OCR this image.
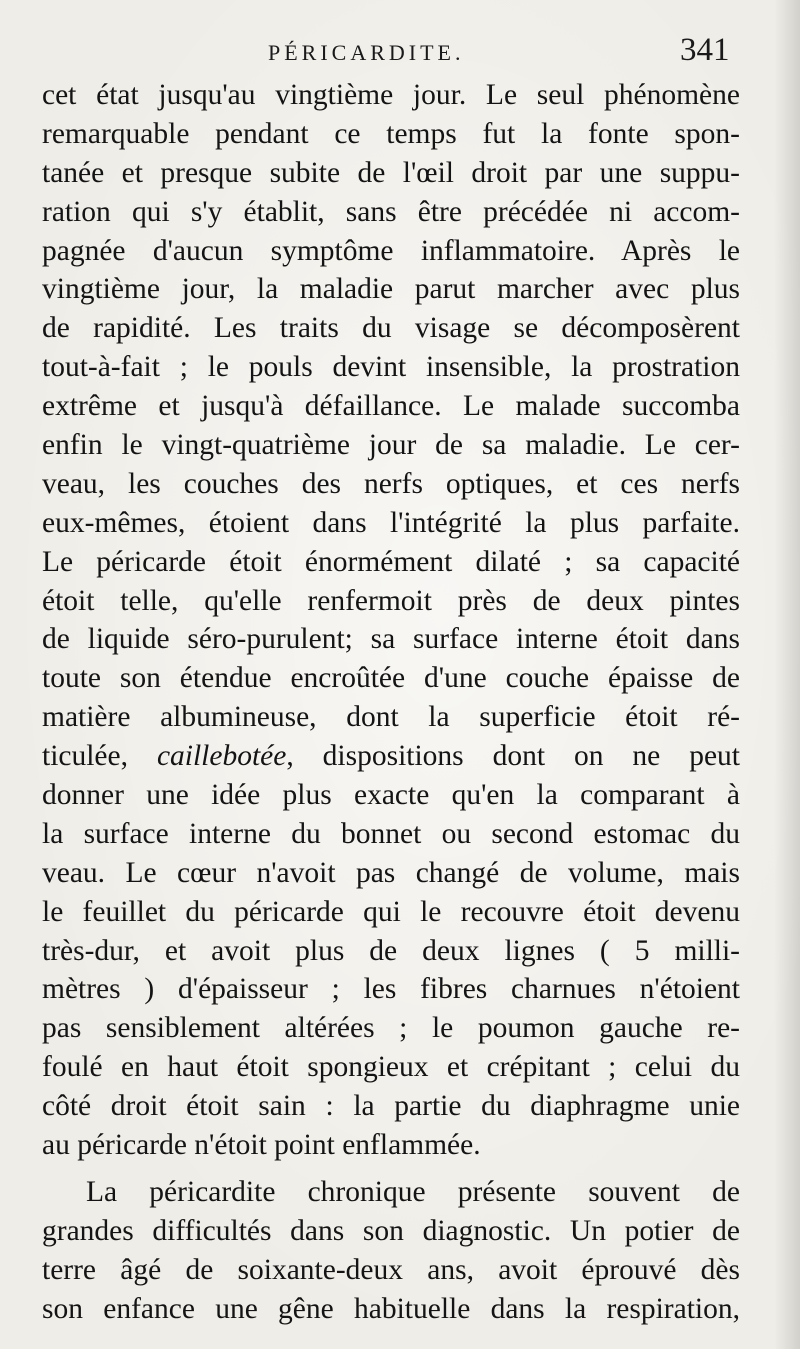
PÉRICARDITE.	341
cet état jusqu'au vingtième jour. Le seul phénomène
remarquable pendant ce temps fut la fonte spon-
tanée et presque subite de l'œil droit par une suppu-
ration qui s'y établit, sans être précédée ni accom-
pagnée d'aucun symptôme inflammatoire. Après le
vingtième jour, la maladie parut marcher avec plus
de rapidité. Les traits du visage se décomposèrent
tout-à-fait ; le pouls devint insensible, la prostration
extrême et jusqu'à défaillance. Le malade succomba
enfin le vingt-quatrième jour de sa maladie. Le cer-
veau, les couches des nerfs optiques, et ces nerfs
eux-mêmes, étoient dans l'intégrité la plus parfaite.
Le péricarde étoit énormément dilaté ; sa capacité
étoit telle, qu'elle renfermoit près de deux pintes
de liquide séro-purulent; sa surface interne étoit dans
toute son étendue encroûtée d'une couche épaisse de
matière albumineuse, dont la superficie étoit ré-
ticulée, caillebotée, dispositions dont on ne peut
donner une idée plus exacte qu'en la comparant à
la surface interne du bonnet ou second estomac du
veau. Le cœur n'avoit pas changé de volume, mais
le feuillet du péricarde qui le recouvre étoit devenu
très-dur, et avoit plus de deux lignes ( 5 milli-
mètres ) d'épaisseur ; les fibres charnues n'étoient
pas sensiblement altérées ; le poumon gauche re-
foulé en haut étoit spongieux et crépitant ; celui du
côté droit étoit sain : la partie du diaphragme unie
au péricarde n'étoit point enflammée.
La péricardite chronique présente souvent de
grandes difficultés dans son diagnostic. Un potier de
terre âgé de soixante-deux ans, avoit éprouvé dès
son enfance une gêne habituelle dans la respiration,
